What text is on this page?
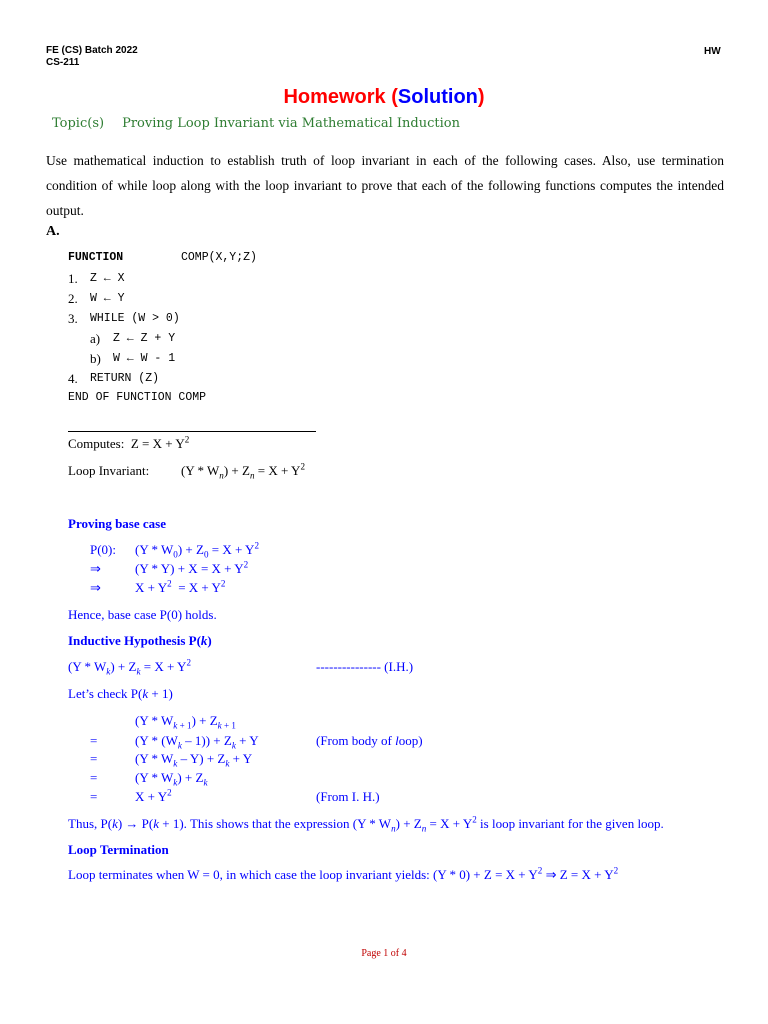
FE (CS) Batch 2022
CS-211
HW
Homework (Solution)
Topic(s) Proving Loop Invariant via Mathematical Induction
Use mathematical induction to establish truth of loop invariant in each of the following cases. Also, use termination condition of while loop along with the loop invariant to prove that each of the following functions computes the intended output.
A.
FUNCTION	COMP(X,Y;Z)
1. Z ← X
2. W ← Y
3. WHILE (W > 0)
a) Z ← Z + Y
b) W ← W - 1
4. RETURN (Z)
END OF FUNCTION COMP
Computes:  $Z = X + Y^2$
Loop Invariant: $(Y * W_n) + Z_n = X + Y^2$
Proving base case
P(0): $(Y * W_0) + Z_0 = X + Y^2$
⇒	$(Y * Y) + X = X + Y^2$
⇒	$X + Y^2 = X + Y^2$
Hence, base case P(0) holds.
Inductive Hypothesis P(k)
$(Y * W_k) + Z_k = X + Y^2$	--------------- (I.H.)
Let’s check P(k + 1)
$(Y * W_{k + 1}) + Z_{k + 1}$
=	$(Y * (W_k - 1)) + Z_k + Y$	(From body of loop)
=	$(Y * W_k - Y) + Z_k + Y$
=	$(Y * W_k) + Z_k$
=	$X + Y^2$	(From I. H.)
Thus, P(k) → P(k + 1). This shows that the expression $(Y * W_n) + Z_n = X + Y^2$ is loop invariant for the given loop.
Loop Termination
Loop terminates when W = 0, in which case the loop invariant yields: $(Y * 0) + Z = X + Y^2$ ⇒ $Z = X + Y^2$
Page 1 of 4
